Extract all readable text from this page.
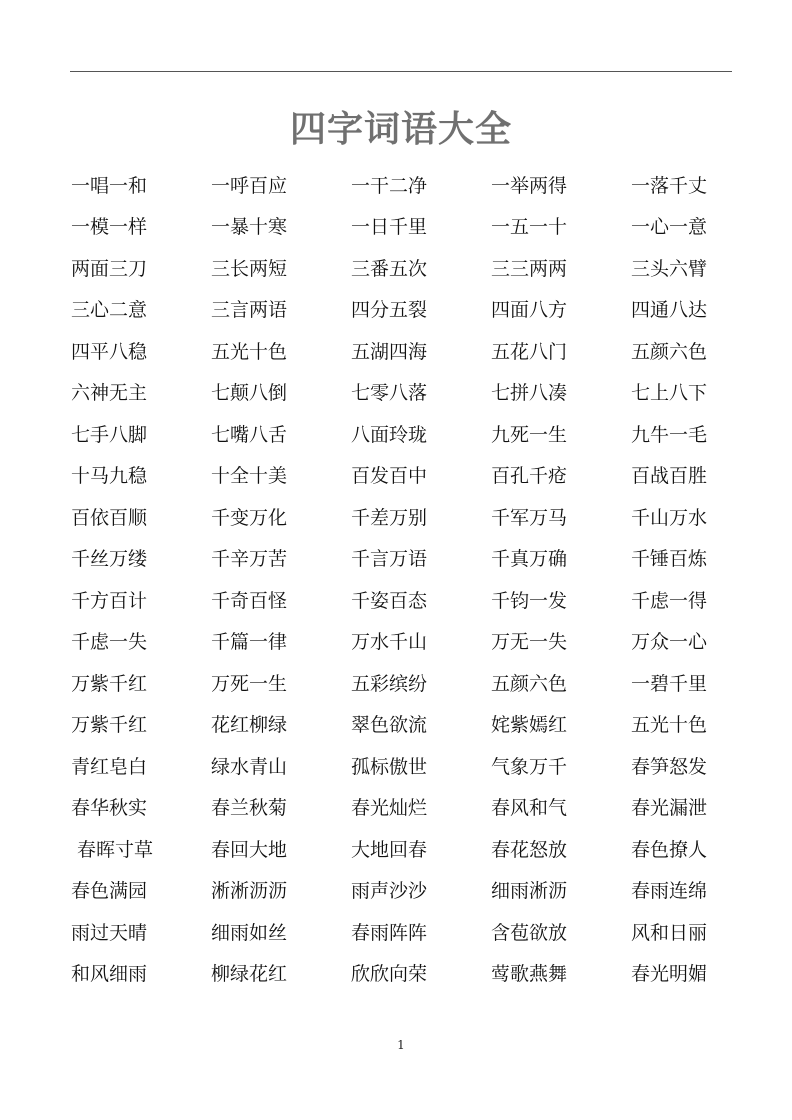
四字词语大全
一唱一和	一呼百应	一干二净	一举两得	一落千丈
一模一样	一暴十寒	一日千里	一五一十	一心一意
两面三刀	三长两短	三番五次	三三两两	三头六臂
三心二意	三言两语	四分五裂	四面八方	四通八达
四平八稳	五光十色	五湖四海	五花八门	五颜六色
六神无主	七颠八倒	七零八落	七拼八凑	七上八下
七手八脚	七嘴八舌	八面玲珑	九死一生	九牛一毛
十马九稳	十全十美	百发百中	百孔千疮	百战百胜
百依百顺	千变万化	千差万别	千军万马	千山万水
千丝万缕	千辛万苦	千言万语	千真万确	千锤百炼
千方百计	千奇百怪	千姿百态	千钧一发	千虑一得
千虑一失	千篇一律	万水千山	万无一失	万众一心
万紫千红	万死一生	五彩缤纷	五颜六色	一碧千里
万紫千红	花红柳绿	翠色欲流	姹紫嫣红	五光十色
青红皂白	绿水青山	孤标傲世	气象万千	春笋怒发
春华秋实	春兰秋菊	春光灿烂	春风和气	春光漏泄
春晖寸草	春回大地	大地回春	春花怒放	春色撩人
春色满园	淅淅沥沥	雨声沙沙	细雨淅沥	春雨连绵
雨过天晴	细雨如丝	春雨阵阵	含苞欲放	风和日丽
和风细雨	柳绿花红	欣欣向荣	莺歌燕舞	春光明媚
1
